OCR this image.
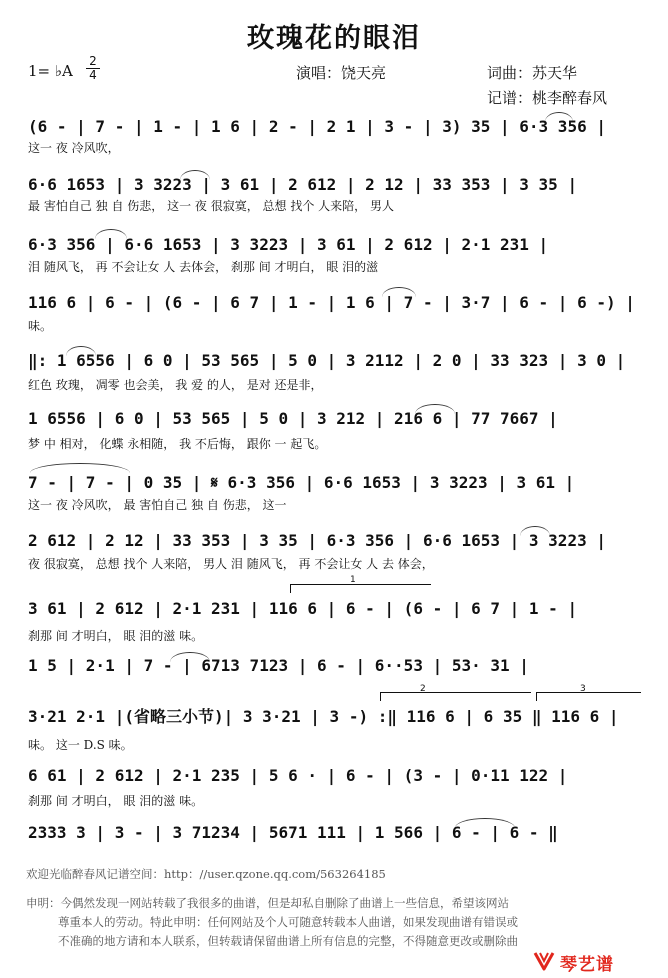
玫瑰花的眼泪
1= ♭A
2
4	演唱：饶天亮	词曲：苏天华
记谱：桃李醉春风
(6 - | 7 - | 1 - | 1 6 | 2 - | 2 1 | 3 - | 3) 35 | 6·3 356 |
这一 夜 冷风吹，
6·6 1653 | 3 3223 | 3 61 | 2 612 | 2 12 | 33 353 | 3 35 |
最 害怕自己 独 自 伤悲， 这一 夜 很寂寞， 总想 找个 人来陪， 男人
6·3 356 | 6·6 1653 | 3 3223 | 3 61 | 2 612 | 2·1 231 |
泪 随风飞， 再 不会让女 人 去体会， 刹那 间 才明白， 眼 泪的滋
116 6 | 6 - | (6 - | 6 7 | 1 - | 1 6 | 7 - | 3·7 | 6 - | 6 -) |
味。
‖: 1 6556 | 6 0 | 53 565 | 5 0 | 3 2112 | 2 0 | 33 323 | 3 0 |
红色 玫瑰， 凋零 也会美， 我 爱 的人， 是对 还是非，
1 6556 | 6 0 | 53 565 | 5 0 | 3 212 | 216 6 | 77 7667 |
梦 中 相对， 化蝶 永相随， 我 不后悔， 跟你 一 起飞。
7 - | 7 - | 0 35 | 𝄋 6·3 356 | 6·6 1653 | 3 3223 | 3 61 |
这一 夜 冷风吹， 最 害怕自己 独 自 伤悲， 这一
2 612 | 2 12 | 33 353 | 3 35 | 6·3 356 | 6·6 1653 | 3 3223 |
夜 很寂寞， 总想 找个 人来陪， 男人 泪 随风飞， 再 不会让女 人 去 体会，
1
3 61 | 2 612 | 2·1 231 | 116 6 | 6 - | (6 - | 6 7 | 1 - |
刹那 间 才明白， 眼 泪的滋 味。
1 5 | 2·1 | 7 - | 6713 7123 | 6 - | 6··53 | 53· 31 |
2	3
3·21 2·1 |(省略三小节)| 3 3·21 | 3 -) :‖ 116 6 | 6 35 ‖ 116 6 |
味。 这一 D.S 味。
6 61 | 2 612 | 2·1 235 | 5 6 · | 6 - | (3 - | 0·11 122 |
刹那 间 才明白， 眼 泪的滋 味。
2333 3 | 3 - | 3 71234 | 5671 111 | 1 566 | 6 - | 6 - ‖
欢迎光临醉春风记谱空间：http：//user.qzone.qq.com/563264185
申明：今偶然发现一网站转载了我很多的曲谱，但是却私自删除了曲谱上一些信息，希望该网站
尊重本人的劳动。特此申明：任何网站及个人可随意转载本人曲谱，如果发现曲谱有错误或
不准确的地方请和本人联系，但转载请保留曲谱上所有信息的完整，不得随意更改或删除曲
琴艺谱
